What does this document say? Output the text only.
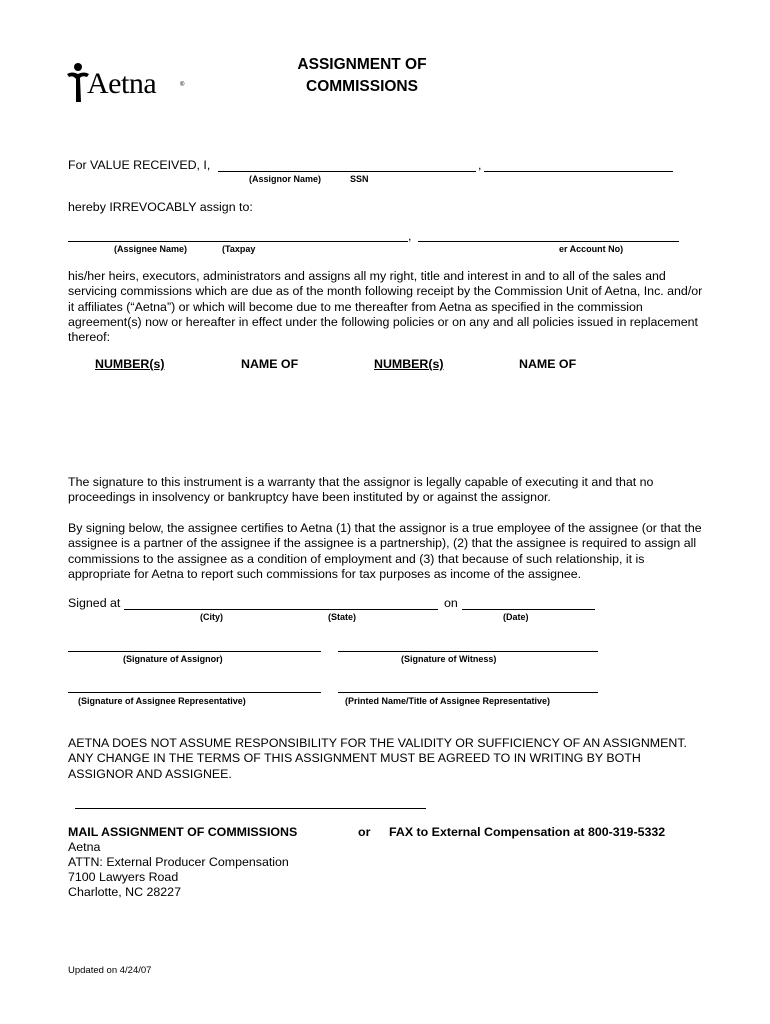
Aetna	®
ASSIGNMENT OF
COMMISSIONS
For VALUE RECEIVED, I,	,
(Assignor Name)	SSN
hereby IRREVOCABLY assign to:
,
(Assignee Name)	(Taxpay	er Account No)
his/her heirs, executors, administrators and assigns all my right, title and interest in and to all of the sales and servicing commissions which are due as of the month following receipt by the Commission Unit of Aetna, Inc. and/or it affiliates (“Aetna”) or which will become due to me thereafter from Aetna as specified in the commission agreement(s) now or hereafter in effect under the following policies or on any and all policies issued in replacement thereof:
NUMBER(s)	NAME OF	NUMBER(s)	NAME OF
The signature to this instrument is a warranty that the assignor is legally capable of executing it and that no proceedings in insolvency or bankruptcy have been instituted by or against the assignor.
By signing below, the assignee certifies to Aetna (1) that the assignor is a true employee of the assignee (or that the assignee is a partner of the assignee if the assignee is a partnership), (2) that the assignee is required to assign all commissions to the assignee as a condition of employment and (3) that because of such relationship, it is appropriate for Aetna to report such commissions for tax purposes as income of the assignee.
Signed at	on
(City)	(State)	(Date)
(Signature of Assignor)	(Signature of Witness)
(Signature of Assignee Representative)	(Printed Name/Title of Assignee Representative)
AETNA DOES NOT ASSUME RESPONSIBILITY FOR THE VALIDITY OR SUFFICIENCY OF AN ASSIGNMENT. ANY CHANGE IN THE TERMS OF THIS ASSIGNMENT MUST BE AGREED TO IN WRITING BY BOTH ASSIGNOR AND ASSIGNEE.
MAIL ASSIGNMENT OF COMMISSIONS	or FAX to External Compensation at 800-319-5332
Aetna
ATTN: External Producer Compensation
7100 Lawyers Road
Charlotte, NC 28227
Updated on 4/24/07
